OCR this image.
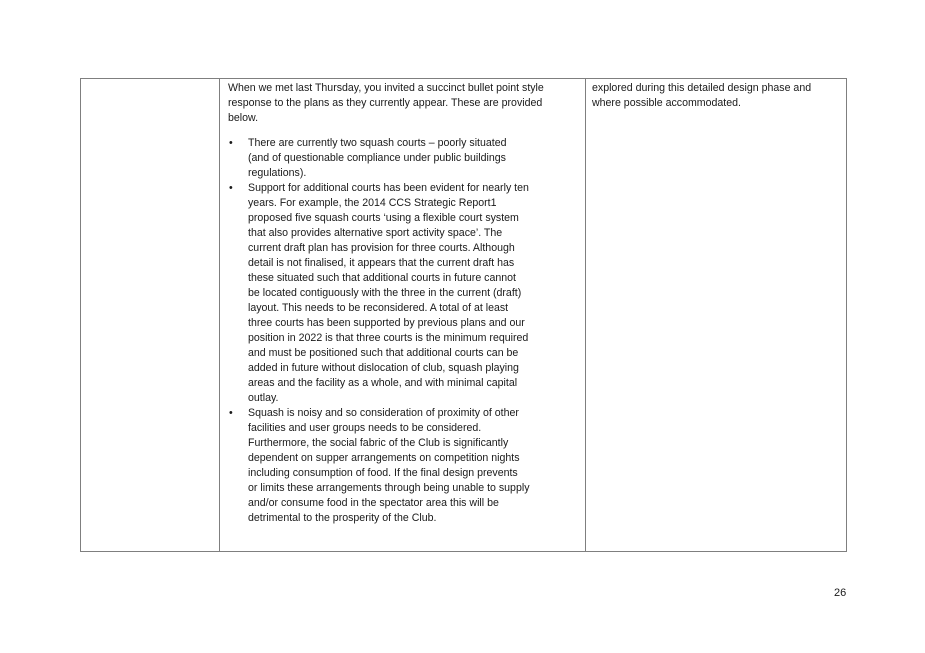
When we met last Thursday, you invited a succinct bullet point style response to the plans as they currently appear. These are provided below.

• There are currently two squash courts – poorly situated (and of questionable compliance under public buildings regulations).

• Support for additional courts has been evident for nearly ten years. For example, the 2014 CCS Strategic Report1 proposed five squash courts ‘using a flexible court system that also provides alternative sport activity space’. The current draft plan has provision for three courts. Although detail is not finalised, it appears that the current draft has these situated such that additional courts in future cannot be located contiguously with the three in the current (draft) layout. This needs to be reconsidered. A total of at least three courts has been supported by previous plans and our position in 2022 is that three courts is the minimum required and must be positioned such that additional courts can be added in future without dislocation of club, squash playing areas and the facility as a whole, and with minimal capital outlay.

• Squash is noisy and so consideration of proximity of other facilities and user groups needs to be considered. Furthermore, the social fabric of the Club is significantly dependent on supper arrangements on competition nights including consumption of food. If the final design prevents or limits these arrangements through being unable to supply and/or consume food in the spectator area this will be detrimental to the prosperity of the Club.

explored during this detailed design phase and where possible accommodated.

26
